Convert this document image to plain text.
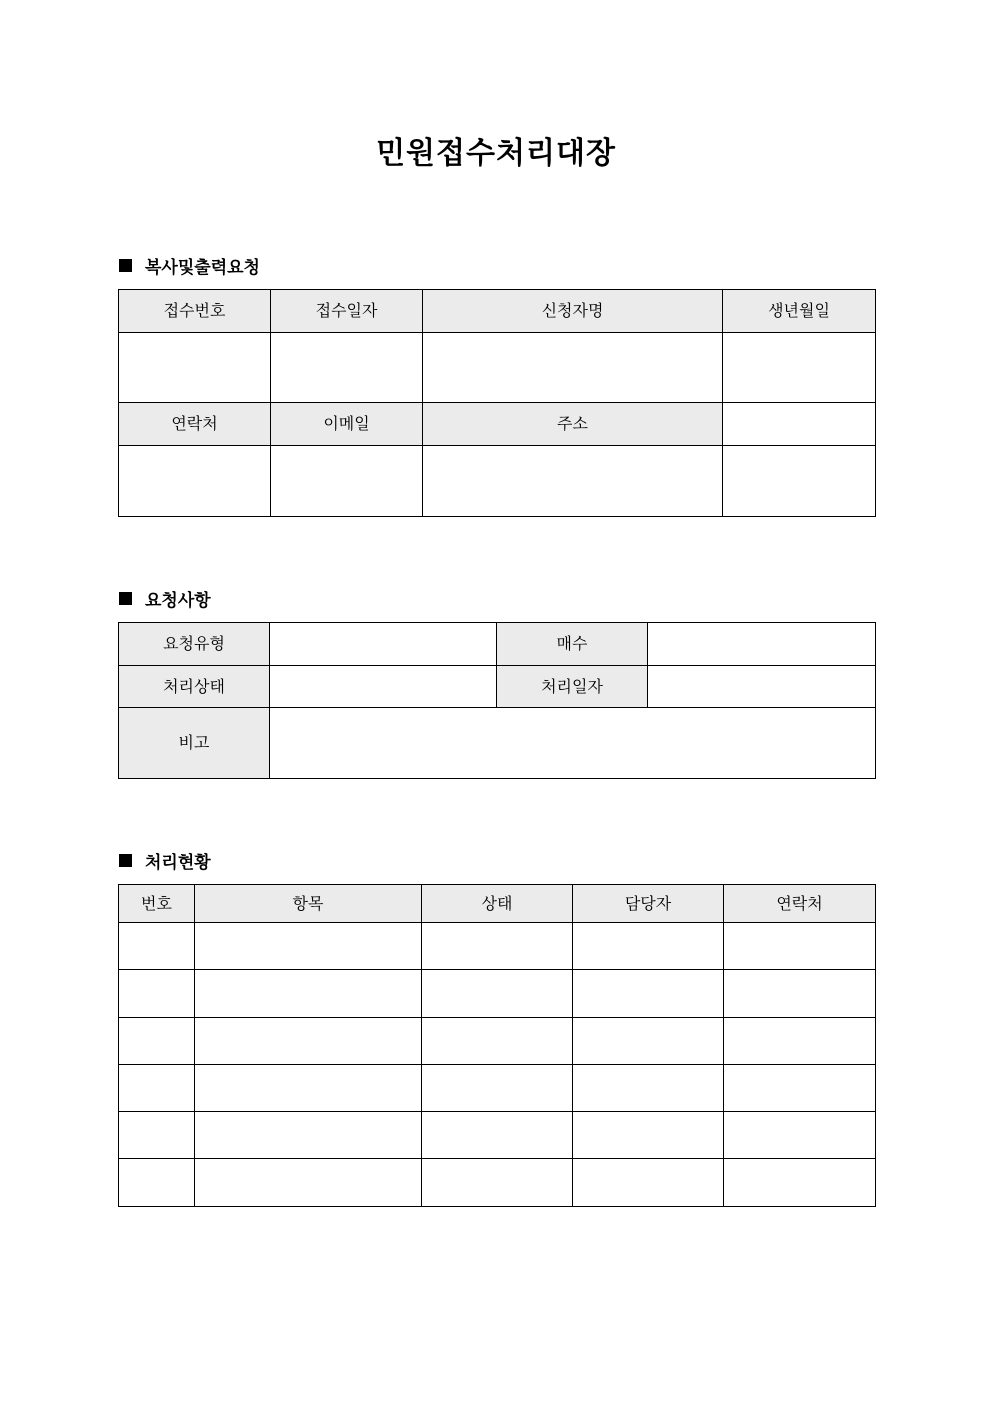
민원접수처리대장
복사및출력요청
접수번호	접수일자	신청자명	생년월일

연락처	이메일	주소	

요청사항
요청유형		매수	
처리상태		처리일자	
비고			
처리현황
번호	항목	상태	담당자	연락처
